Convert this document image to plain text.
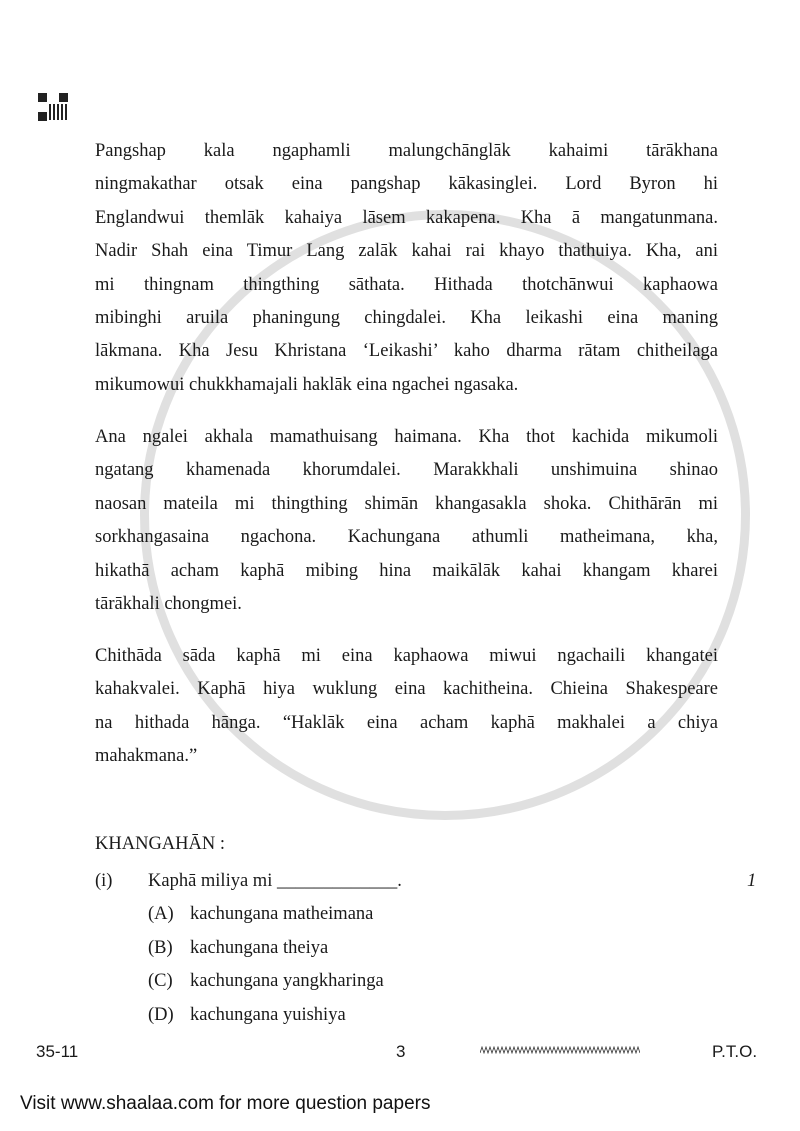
Pangshap kala ngaphamli malungchānglāk kahaimi tārākhana
ningmakathar otsak eina pangshap kākasinglei. Lord Byron hi
Englandwui themlāk kahaiya lāsem kakapena. Kha ā mangatunmana.
Nadir Shah eina Timur Lang zalāk kahai rai khayo thathuiya. Kha, ani
mi thingnam thingthing sāthata. Hithada thotchānwui kaphaowa
mibinghi aruila phaningung chingdalei. Kha leikashi eina maning
lākmana. Kha Jesu Khristana ‘Leikashi’ kaho dharma rātam chitheilaga
mikumowui chukkhamajali haklāk eina ngachei ngasaka.
Ana ngalei akhala mamathuisang haimana. Kha thot kachida mikumoli
ngatang khamenada khorumdalei. Marakkhali unshimuina shinao
naosan mateila mi thingthing shimān khangasakla shoka. Chithārān mi
sorkhangasaina ngachona. Kachungana athumli matheimana, kha,
hikathā acham kaphā mibing hina maikālāk kahai khangam kharei
tārākhali chongmei.
Chithāda sāda kaphā mi eina kaphaowa miwui ngachaili khangatei
kahakvalei. Kaphā hiya wuklung eina kachitheina. Chieina Shakespeare
na hithada hānga. “Haklāk eina acham kaphā makhalei a chiya
mahakmana.”
KHANGAHĀN :
(i) Kaphā miliya mi _____________.	1
(A) kachungana matheimana
(B) kachungana theiya
(C) kachungana yangkharinga
(D) kachungana yuishiya
35-11	3	P.T.O.
Visit www.shaalaa.com for more question papers
